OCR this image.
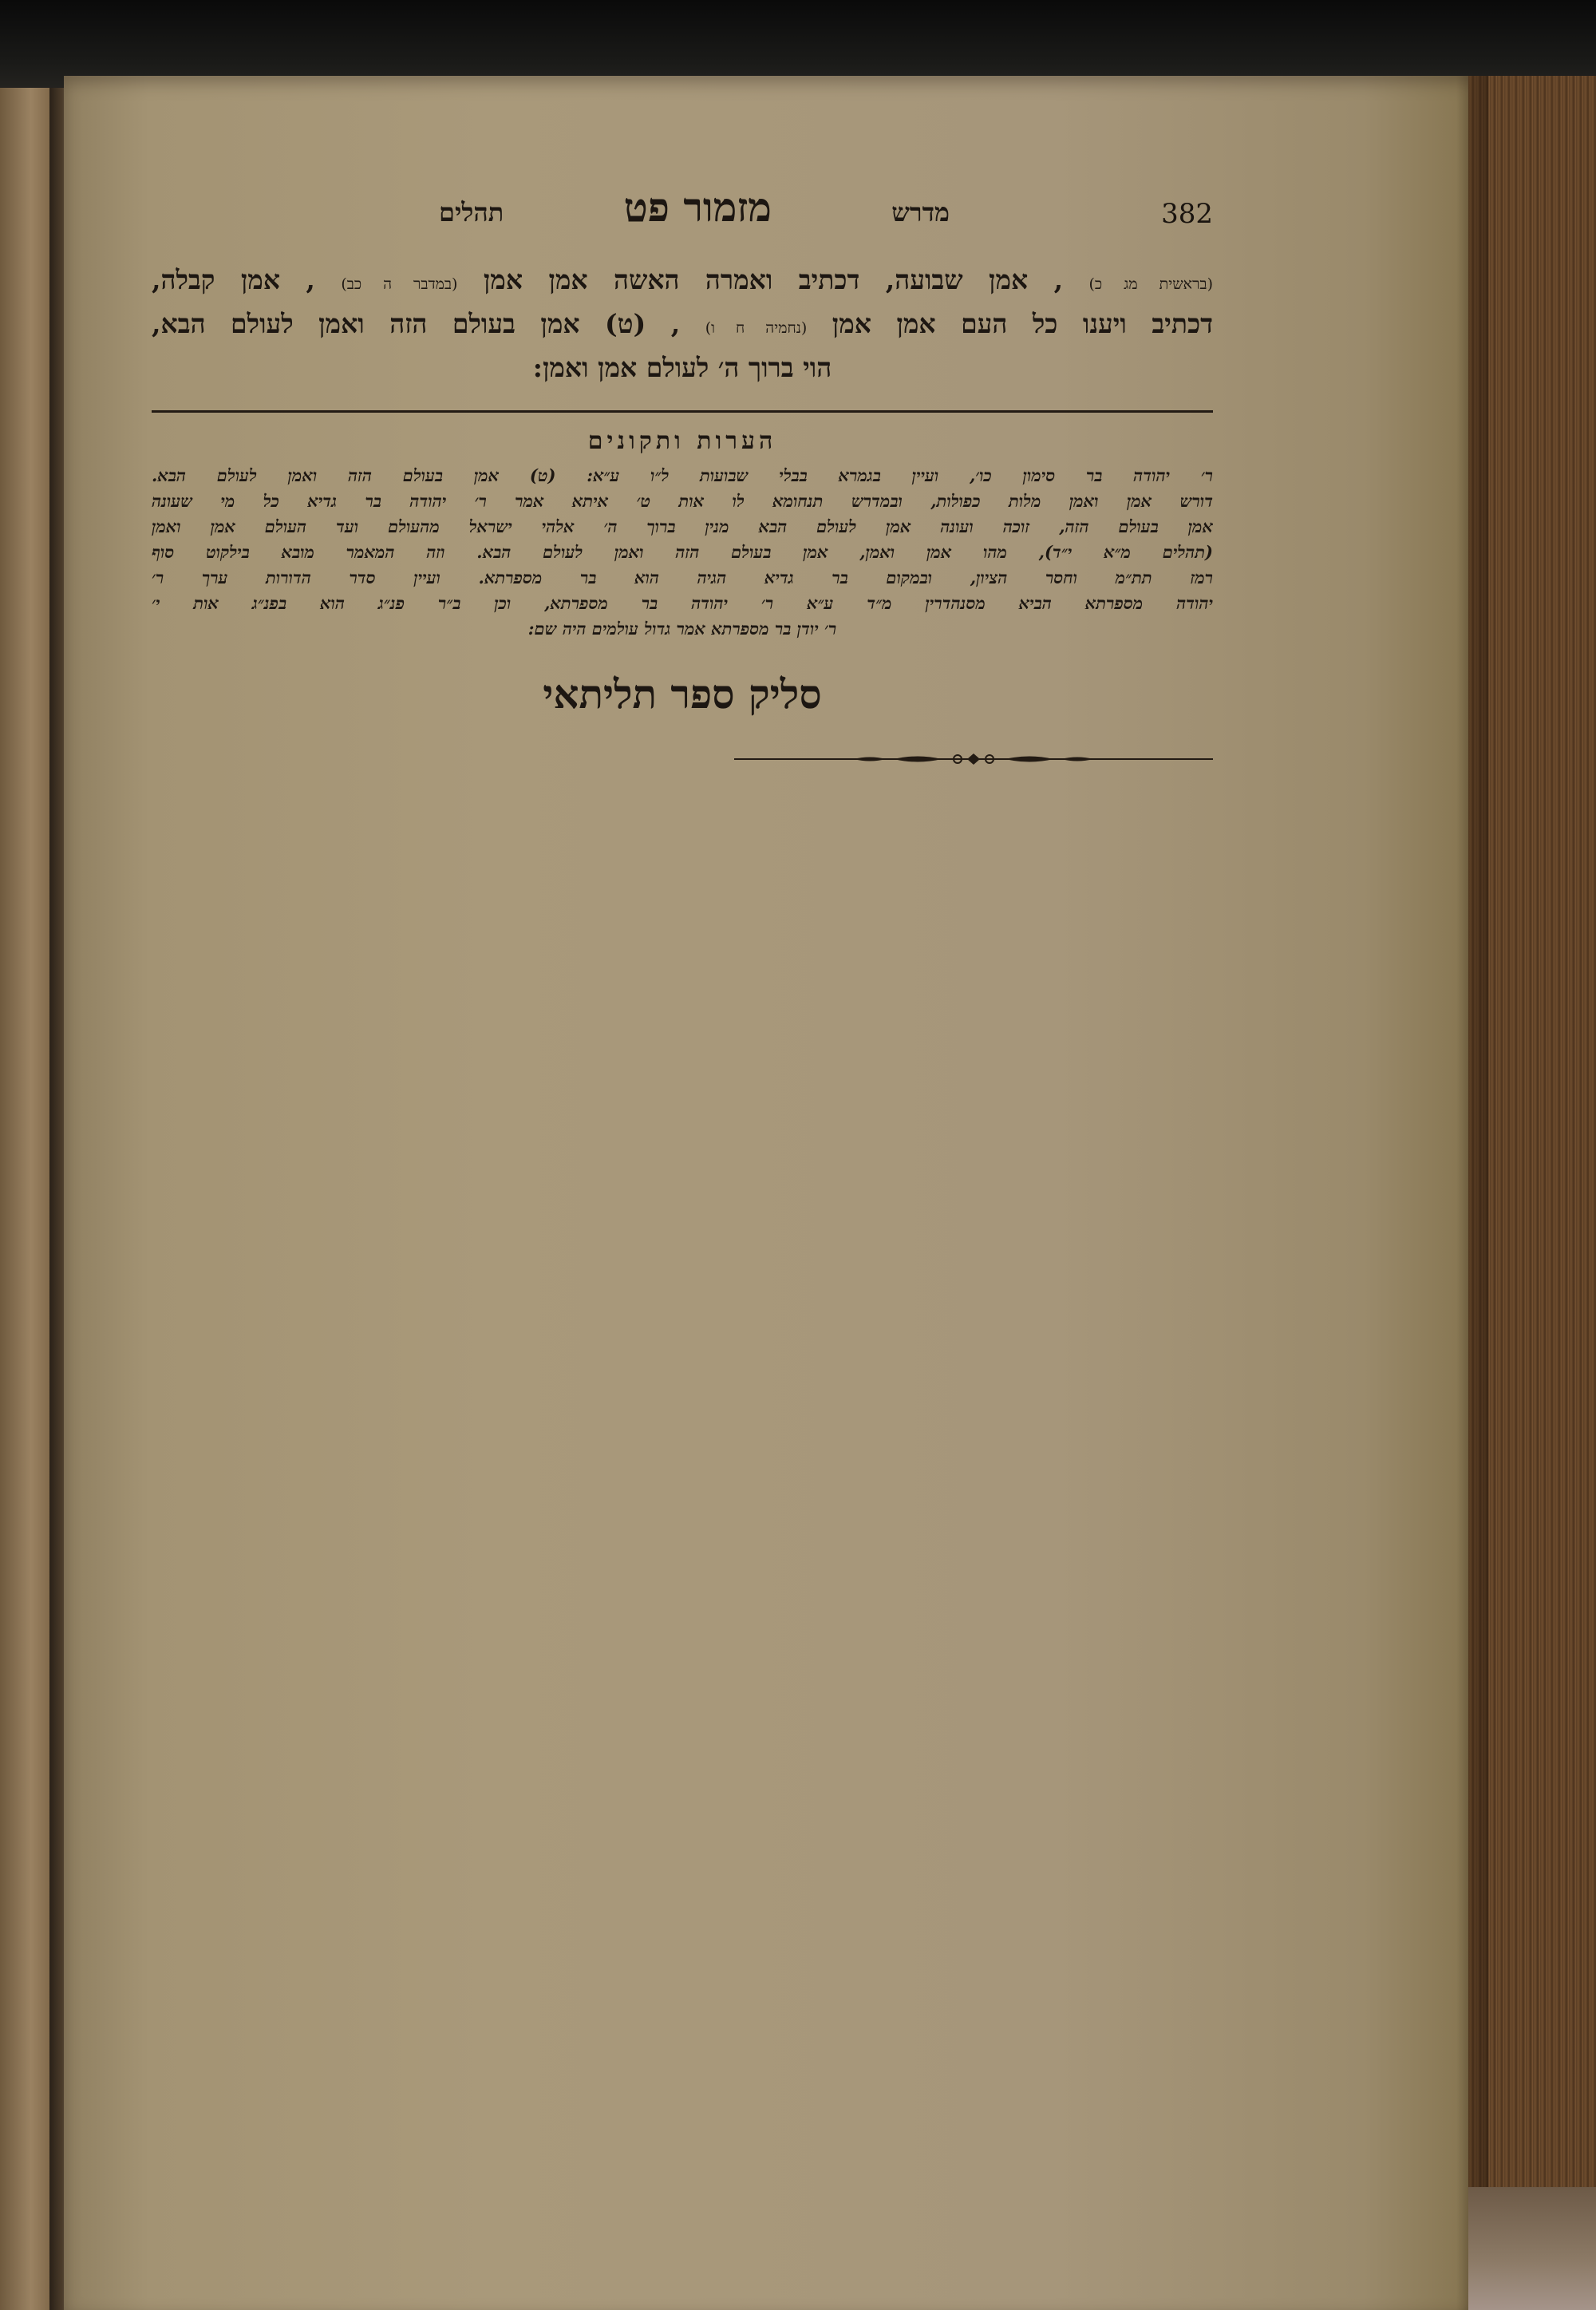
382
מדרש
מזמור פט
תהלים
(בראשית מג כ) , אמן שבועה, דכתיב ואמרה האשה אמן אמן (במדבר ה כב) , אמן קבלה,
דכתיב ויענו כל העם אמן אמן (נחמיה ח ו) , (ט) אמן בעולם הזה ואמן לעולם הבא,
הוי ברוך ה׳ לעולם אמן ואמן:
הערות ותקונים
ר׳ יהודה בר סימון כו׳, ועיין בגמרא בבלי שבועות ל״ו ע״א: (ט) אמן בעולם הזה ואמן לעולם הבא.
דורש אמן ואמן מלות כפולות, ובמדרש תנחומא לו אות ט׳ איתא אמר ר׳ יהודה בר גדיא כל מי שעונה
אמן בעולם הזה, זוכה ועונה אמן לעולם הבא מנין ברוך ה׳ אלהי ישראל מהעולם ועד העולם אמן ואמן
(תהלים מ״א י״ד), מהו אמן ואמן, אמן בעולם הזה ואמן לעולם הבא. וזה המאמר מובא בילקוט סוף
רמז תת״מ וחסר הציון, ובמקום בר גדיא הגיה הוא בר מספרתא. ועיין סדר הדורות ערך ר׳
יהודה מספרתא הביא מסנהדרין מ״ד ע״א ר׳ יהודה בר מספרתא, וכן ב״ר פנ״ג הוא בפנ״ג אות י׳
ר׳ יודן בר מספרתא אמר גדול עולמים היה שם:
סליק ספר תליתאי
